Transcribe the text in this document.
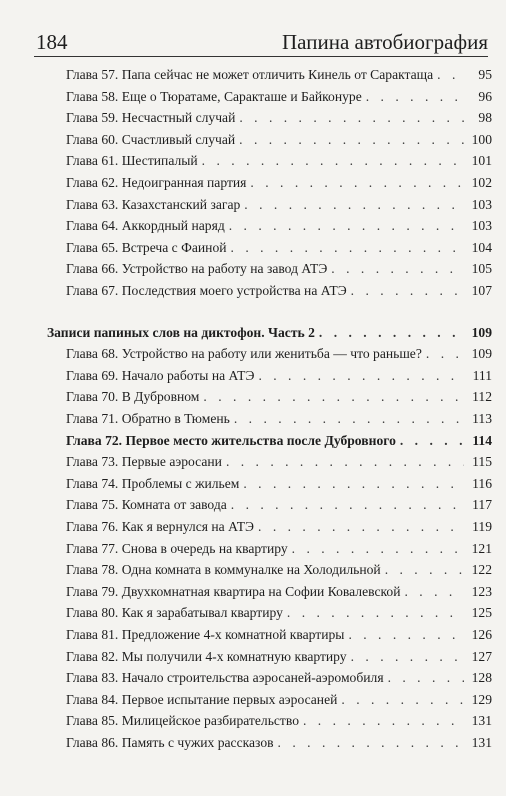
184	Папина автобиография
Глава 57. Папа сейчас не может отличить Кинель от Сарактаща . . .	95
Глава 58. Еще о Тюратаме, Саракташе и Байконуре . . .	96
Глава 59. Несчастный случай . . .	98
Глава 60. Счастливый случай . . .	100
Глава 61. Шестипалый . . .	101
Глава 62. Недоигранная партия . . .	102
Глава 63. Казахстанский загар . . .	103
Глава 64. Аккордный наряд . . .	103
Глава 65. Встреча с Фаиной . . .	104
Глава 66. Устройство на работу на завод АТЭ . . .	105
Глава 67. Последствия моего устройства на АТЭ . . .	107
Записи папиных слов на диктофон. Часть 2 . . .	109
Глава 68. Устройство на работу или женитьба — что раньше? . . .	109
Глава 69. Начало работы на АТЭ . . .	111
Глава 70. В Дубровном . . .	112
Глава 71. Обратно в Тюмень . . .	113
Глава 72. Первое место жительства после Дубровного . . .	114
Глава 73. Первые аэросани . . .	115
Глава 74. Проблемы с жильем . . .	116
Глава 75. Комната от завода . . .	117
Глава 76. Как я вернулся на АТЭ . . .	119
Глава 77. Снова в очередь на квартиру . . .	121
Глава 78. Одна комната в коммуналке на Холодильной . . .	122
Глава 79. Двухкомнатная квартира на Софии Ковалевской . . .	123
Глава 80. Как я зарабатывал квартиру . . .	125
Глава 81. Предложение 4-х комнатной квартиры . . .	126
Глава 82. Мы получили 4-х комнатную квартиру . . .	127
Глава 83. Начало строительства аэросаней-аэромобиля . . .	128
Глава 84. Первое испытание первых аэросаней . . .	129
Глава 85. Милицейское разбирательство . . .	131
Глава 86. Память с чужих рассказов . . .	131
